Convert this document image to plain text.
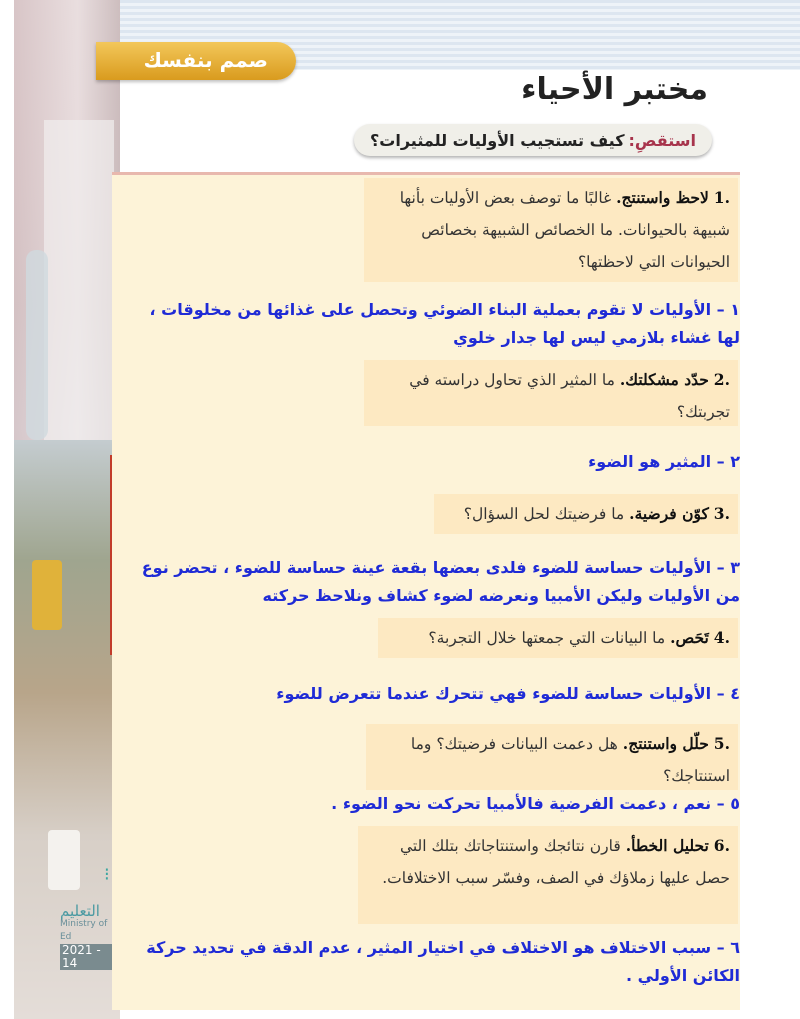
⁝
التعليم
Ministry of Ed
2021 - 14
صمم بنفسك
مختبر الأحياء
استقصِ:
كيف تستجيب الأوليات للمثيرات؟
.1 لاحظ واستنتج. غالبًا ما توصف بعض الأوليات بأنها شبيهة بالحيوانات. ما الخصائص الشبيهة بخصائص الحيوانات التي لاحظتها؟
١ – الأوليات لا تقوم بعملية البناء الضوئي وتحصل على غذائها من مخلوقات ، لها غشاء بلازمي ليس لها جدار خلوي
.2 حدّد مشكلتك. ما المثير الذي تحاول دراسته في تجربتك؟
٢ – المثير هو الضوء
.3 كوّن فرضية. ما فرضيتك لحل السؤال؟
٣ – الأوليات حساسة للضوء فلدى بعضها بقعة عينة حساسة للضوء ، تحضر نوع من الأوليات وليكن الأمبيا ونعرضه لضوء كشاف ونلاحظ حركته
.4 تَحَص. ما البيانات التي جمعتها خلال التجربة؟
٤ – الأوليات حساسة للضوء فهي تتحرك عندما تتعرض للضوء
.5 حلّل واستنتج. هل دعمت البيانات فرضيتك؟ وما استنتاجك؟
٥ – نعم ، دعمت الفرضية فالأمبيا تحركت نحو الضوء .
.6 تحليل الخطأ. قارن نتائجك واستنتاجاتك بتلك التي حصل عليها زملاؤك في الصف، وفسّر سبب الاختلافات.
٦ – سبب الاختلاف هو الاختلاف في اختيار المثير ، عدم الدقة في تحديد حركة الكائن الأولي .
